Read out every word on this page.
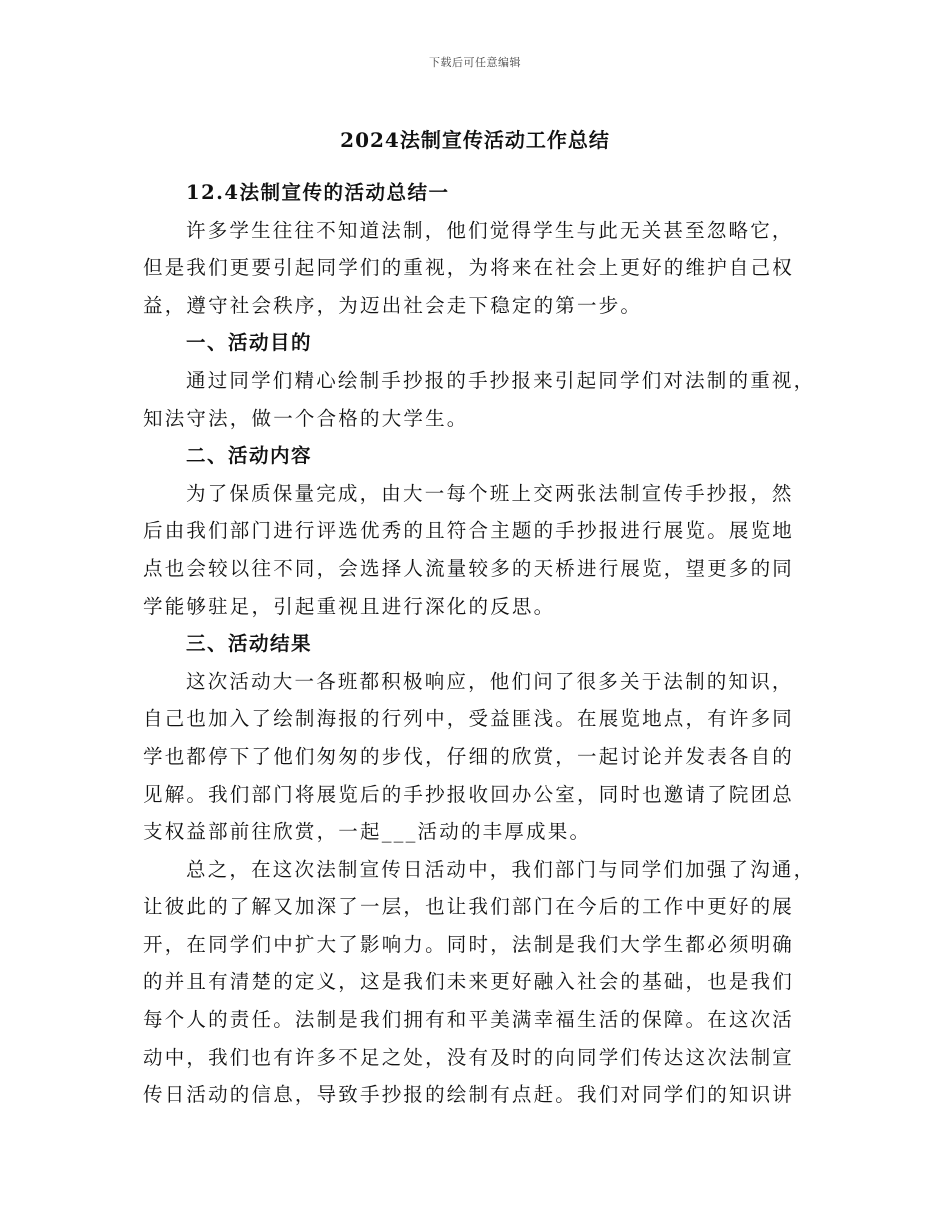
下载后可任意编辑
2024法制宣传活动工作总结
12.4法制宣传的活动总结一
许多学生往往不知道法制，他们觉得学生与此无关甚至忽略它，
但是我们更要引起同学们的重视，为将来在社会上更好的维护自己权
益，遵守社会秩序，为迈出社会走下稳定的第一步。
一、活动目的
通过同学们精心绘制手抄报的手抄报来引起同学们对法制的重视，
知法守法，做一个合格的大学生。
二、活动内容
为了保质保量完成，由大一每个班上交两张法制宣传手抄报，然
后由我们部门进行评选优秀的且符合主题的手抄报进行展览。展览地
点也会较以往不同，会选择人流量较多的天桥进行展览，望更多的同
学能够驻足，引起重视且进行深化的反思。
三、活动结果
这次活动大一各班都积极响应，他们问了很多关于法制的知识，
自己也加入了绘制海报的行列中，受益匪浅。在展览地点，有许多同
学也都停下了他们匆匆的步伐，仔细的欣赏，一起讨论并发表各自的
见解。我们部门将展览后的手抄报收回办公室，同时也邀请了院团总
支权益部前往欣赏，一起___活动的丰厚成果。
总之，在这次法制宣传日活动中，我们部门与同学们加强了沟通，
让彼此的了解又加深了一层，也让我们部门在今后的工作中更好的展
开，在同学们中扩大了影响力。同时，法制是我们大学生都必须明确
的并且有清楚的定义，这是我们未来更好融入社会的基础，也是我们
每个人的责任。法制是我们拥有和平美满幸福生活的保障。在这次活
动中，我们也有许多不足之处，没有及时的向同学们传达这次法制宣
传日活动的信息，导致手抄报的绘制有点赶。我们对同学们的知识讲
